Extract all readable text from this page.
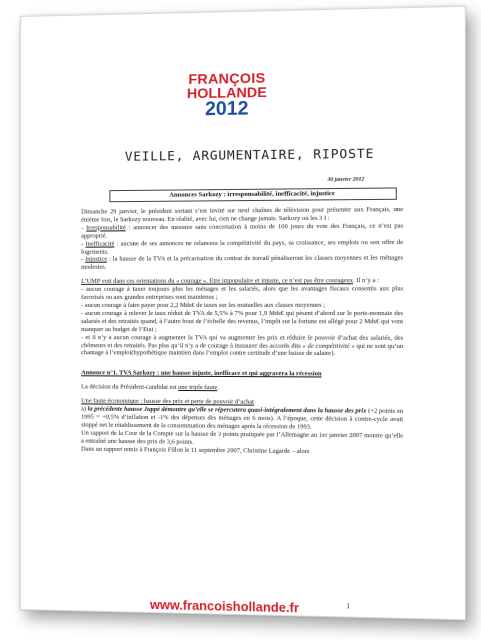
FRANÇOIS
HOLLANDE
2012
VEILLE, ARGUMENTAIRE, RIPOSTE
30 janvier 2012
Annonces Sarkozy : irresponsabilité, inefficacité, injustice

Dimanche 29 janvier, le président sortant s’est invité sur neuf chaînes de télévision pour présenter aux Français, une énième fois, le Sarkozy nouveau. En réalité, avec lui, rien ne change jamais. Sarkozy ou les 3 I :

- Irresponsabilité : annoncer des mesures sans concertation à moins de 100 jours du vote des Français, ce n’est pas approprié.

- Inefficacité : aucune de ses annonces ne relancera la compétitivité du pays, sa croissance, ses emplois ou son offre de logements.

- Injustice : la hausse de la TVA et la précarisation du contrat de travail pénaliseront les classes moyennes et les ménages modestes.

L’UMP voit dans ces orientations du « courage ». Etre impopulaire et injuste, ce n’est pas être courageux. Il n’y a :

- aucun courage à taxer toujours plus les ménages et les salariés, alors que les avantages fiscaux consentis aux plus favorisés ou aux grandes entreprises sont maintenus ;

- aucun courage à faire payer pour 2,2 Mds€ de taxes sur les mutuelles aux classes moyennes ;

- aucun courage à relever le taux réduit de TVA de 5,5% à 7% pour 1,9 Mds€ qui pèsent d’abord sur le porte-monnaie des salariés et des retraités quand, à l’autre bout de l’échelle des revenus, l’impôt sur la fortune est allégé pour 2 Mds€ qui vont manquer au budget de l’Etat ;

- et il n’y a aucun courage à augmenter la TVA qui va augmenter les prix et réduire le pouvoir d’achat des salariés, des chômeurs et des retraités. Pas plus qu’il n’y a de courage à instaurer des accords dits « de compétitivité » qui ne sont qu’un chantage à l’emploi(hypothétique maintien dans l’emploi contre certitude d’une baisse de salaire).

Annonce n°1. TVA Sarkozy : une hausse injuste, inefficace et qui aggravera la récession

La décision du Président-candidat est une triple faute.

Une faute économique : hausse des prix et perte de pouvoir d’achat

a) la précédente hausse Juppé démontre qu’elle se répercutera quasi-intégralement dans la hausse des prix (+2 points en 1995 = +0,5% d’inflation et -1% des dépenses des ménages en 6 mois). A l’époque, cette décision à contre-cycle avait stoppé net le rétablissement de la consommation des ménages après la récession de 1993.

Un rapport de la Cour de la Compte sur la hausse de 3 points pratiquée par l’Allemagne au 1er janvier 2007 montre qu’elle a entraîné une hausse des prix de 3,6 points.

Dans un rapport remis à François Fillon le 11 septembre 2007, Christine Lagarde – alors

www.francoishollande.fr	1
